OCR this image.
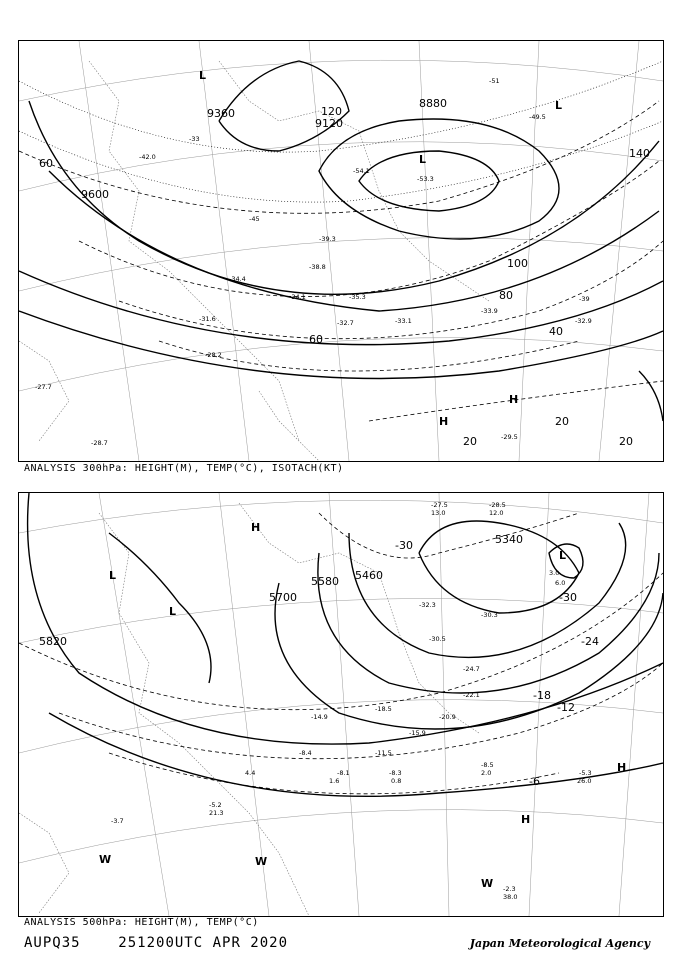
9600
9120
8880
9360
20
40
60
80
100
120
140
20	20
60
H
H
L
L
L
-33
-39
-45
-51
-54.1
-53.3
-49.5
-42.0
-39.3
-38.8
-34.4
-34.1	-35.3
-33.1
-33.9
-32.9
-32.7
-31.6
-28.2
-27.7
-28.7
-29.5
ANALYSIS 300hPa: HEIGHT(M), TEMP(°C), ISOTACH(KT)
5820
5580
5700
5460
5340
-6
-12
-18
-24
-30
-30
H
H
H
L
L
L
W	W
W
-30.3
-30.5
-32.3
-27.5	-28.5
-24.7
-22.1
-20.9
-18.5
-15.9
-14.9
-11.5
-8.5
-8.4
-8.3
-8.1	-5.3
-5.2
-3.7
-2.3
2.0
4.4
21.3
26.0
38.0
13.0	12.0
3.0
6.0
1.6	0.8
ANALYSIS 500hPa: HEIGHT(M), TEMP(°C)
AUPQ35	251200UTC APR 2020	Japan Meteorological Agency
